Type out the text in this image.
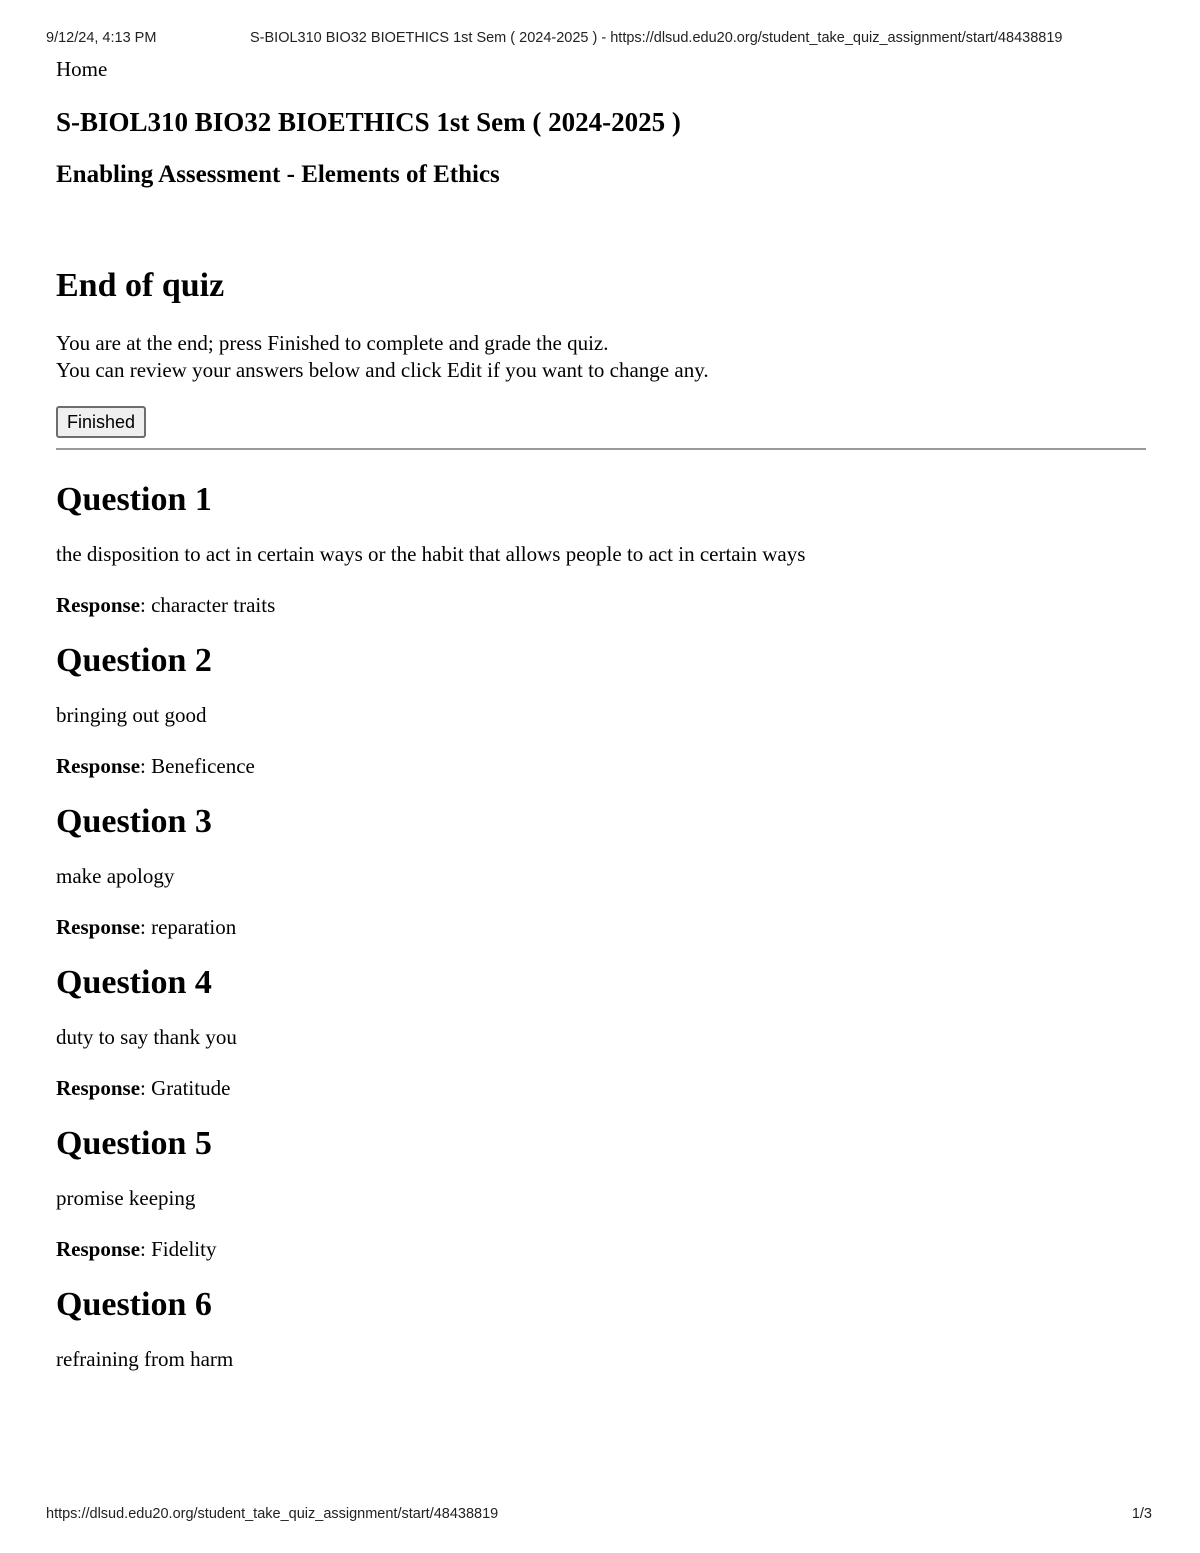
9/12/24, 4:13 PM	S-BIOL310 BIO32 BIOETHICS 1st Sem ( 2024-2025 ) - https://dlsud.edu20.org/student_take_quiz_assignment/start/48438819
Home
S-BIOL310 BIO32 BIOETHICS 1st Sem ( 2024-2025 )
Enabling Assessment - Elements of Ethics
End of quiz

You are at the end; press Finished to complete and grade the quiz.
You can review your answers below and click Edit if you want to change any.

Finished
Question 1

the disposition to act in certain ways or the habit that allows people to act in certain ways

Response: character traits

Question 2

bringing out good

Response: Beneficence

Question 3

make apology

Response: reparation

Question 4

duty to say thank you

Response: Gratitude

Question 5

promise keeping

Response: Fidelity

Question 6

refraining from harm

https://dlsud.edu20.org/student_take_quiz_assignment/start/48438819	1/3
